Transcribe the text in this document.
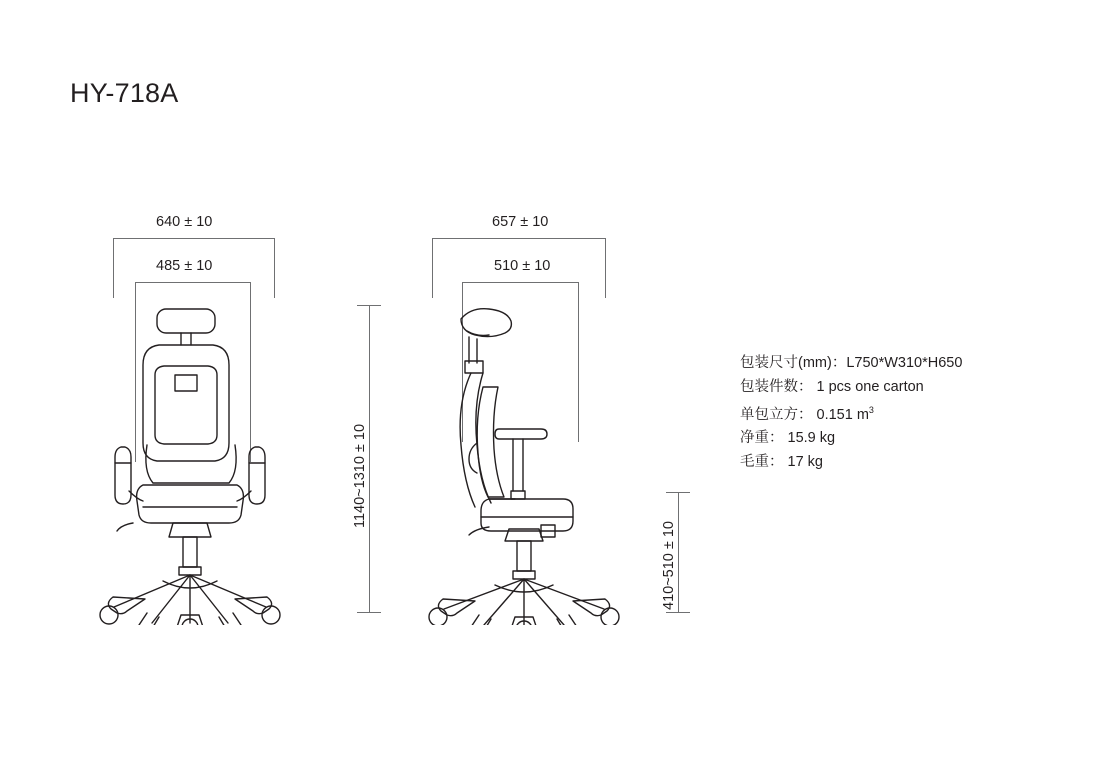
HY-718A
640 ± 10
485 ± 10
1140~1310 ± 10
657 ± 10
510 ± 10
410~510 ± 10
包装尺寸(mm)：L750*W310*H650
包装件数： 1 pcs one carton
单包立方： 0.151 $m^3$
净重： 15.9 kg
毛重： 17 kg
